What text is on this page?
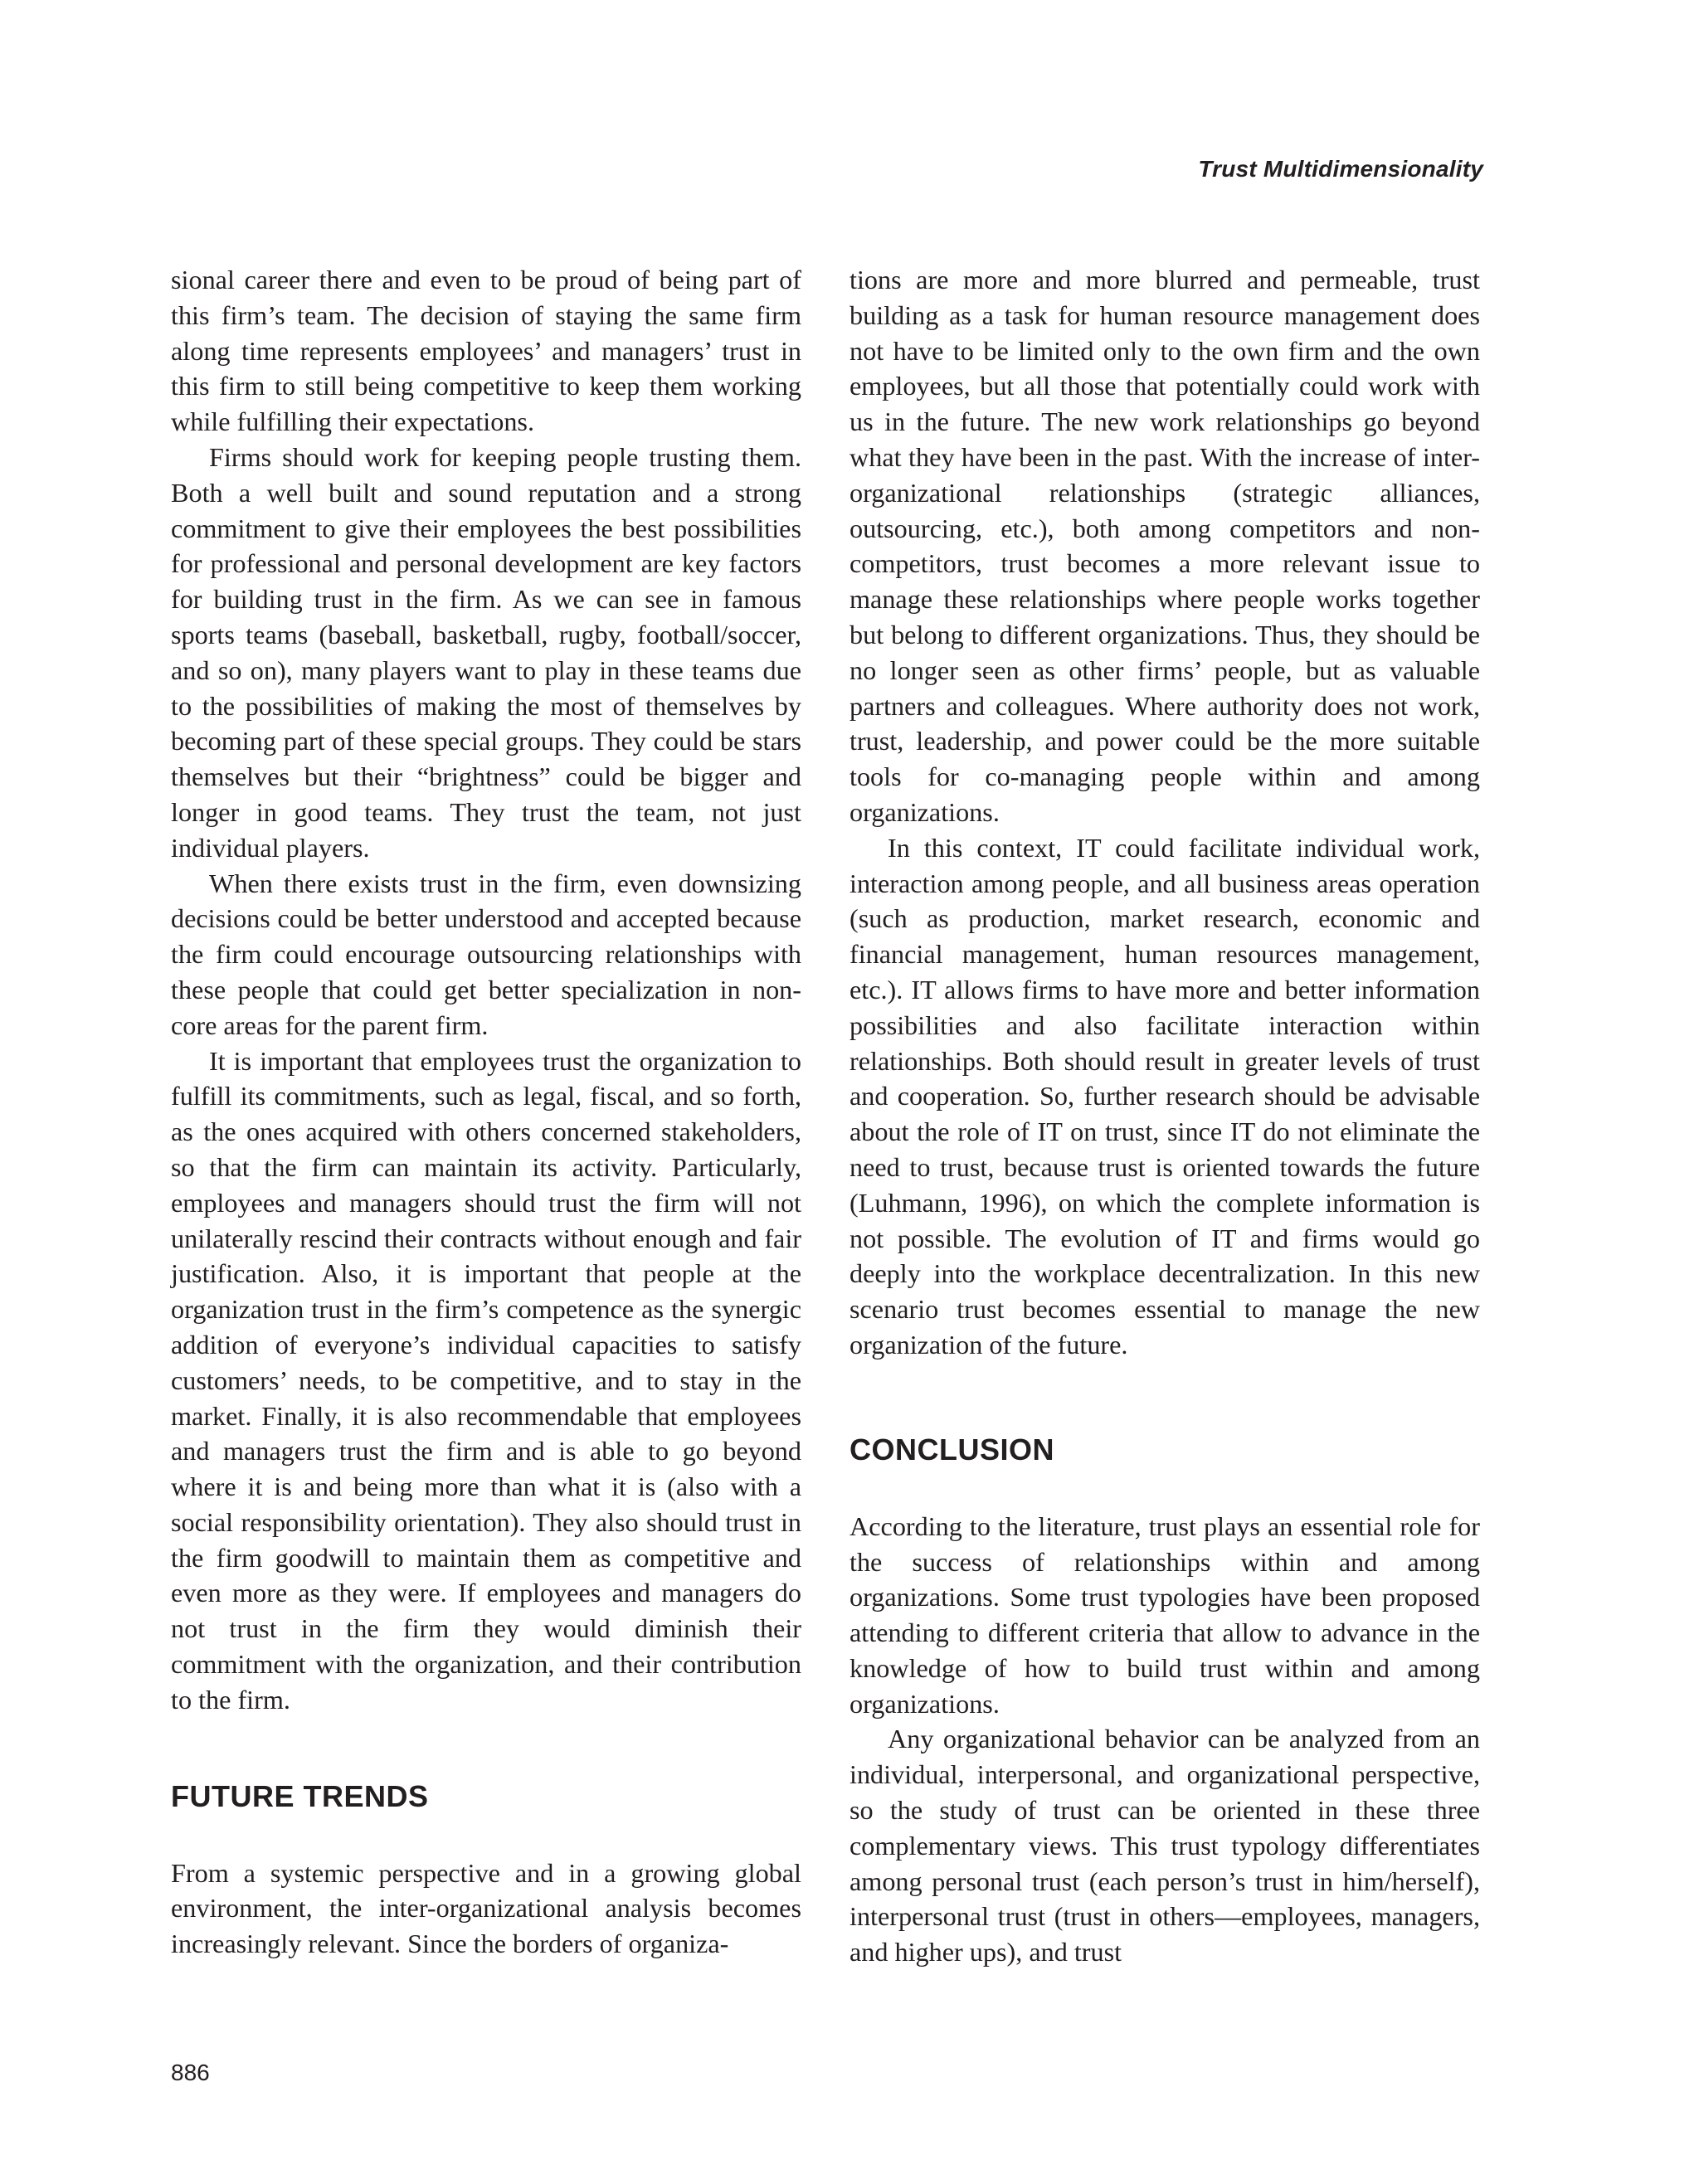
Trust Multidimensionality

sional career there and even to be proud of being part of this firm’s team. The decision of staying the same firm along time represents employees’ and managers’ trust in this firm to still being competitive to keep them working while fulfilling their expectations.

Firms should work for keeping people trusting them. Both a well built and sound reputation and a strong commitment to give their employees the best possibilities for professional and personal development are key factors for building trust in the firm. As we can see in famous sports teams (baseball, basketball, rugby, football/soccer, and so on), many players want to play in these teams due to the possibilities of making the most of themselves by becoming part of these special groups. They could be stars themselves but their “brightness” could be bigger and longer in good teams. They trust the team, not just individual players.

When there exists trust in the firm, even downsizing decisions could be better understood and accepted because the firm could encourage outsourcing relationships with these people that could get better specialization in non-core areas for the parent firm.

It is important that employees trust the organization to fulfill its commitments, such as legal, fiscal, and so forth, as the ones acquired with others concerned stakeholders, so that the firm can maintain its activity. Particularly, employees and managers should trust the firm will not unilaterally rescind their contracts without enough and fair justification. Also, it is important that people at the organization trust in the firm’s competence as the synergic addition of everyone’s individual capacities to satisfy customers’ needs, to be competitive, and to stay in the market. Finally, it is also recommendable that employees and managers trust the firm and is able to go beyond where it is and being more than what it is (also with a social responsibility orientation). They also should trust in the firm goodwill to maintain them as competitive and even more as they were. If employees and managers do not trust in the firm they would diminish their commitment with the organization, and their contribution to the firm.

FUTURE TRENDS

From a systemic perspective and in a growing global environment, the inter-organizational analysis becomes increasingly relevant. Since the borders of organiza-

tions are more and more blurred and permeable, trust building as a task for human resource management does not have to be limited only to the own firm and the own employees, but all those that potentially could work with us in the future. The new work relationships go beyond what they have been in the past. With the increase of inter-organizational relationships (strategic alliances, outsourcing, etc.), both among competitors and non-competitors, trust becomes a more relevant issue to manage these relationships where people works together but belong to different organizations. Thus, they should be no longer seen as other firms’ people, but as valuable partners and colleagues. Where authority does not work, trust, leadership, and power could be the more suitable tools for co-managing people within and among organizations.

In this context, IT could facilitate individual work, interaction among people, and all business areas operation (such as production, market research, economic and financial management, human resources management, etc.). IT allows firms to have more and better information possibilities and also facilitate interaction within relationships. Both should result in greater levels of trust and cooperation. So, further research should be advisable about the role of IT on trust, since IT do not eliminate the need to trust, because trust is oriented towards the future (Luhmann, 1996), on which the complete information is not possible. The evolution of IT and firms would go deeply into the workplace decentralization. In this new scenario trust becomes essential to manage the new organization of the future.

CONCLUSION

According to the literature, trust plays an essential role for the success of relationships within and among organizations. Some trust typologies have been proposed attending to different criteria that allow to advance in the knowledge of how to build trust within and among organizations.

Any organizational behavior can be analyzed from an individual, interpersonal, and organizational perspective, so the study of trust can be oriented in these three complementary views. This trust typology differentiates among personal trust (each person’s trust in him/herself), interpersonal trust (trust in others—employees, managers, and higher ups), and trust

886
